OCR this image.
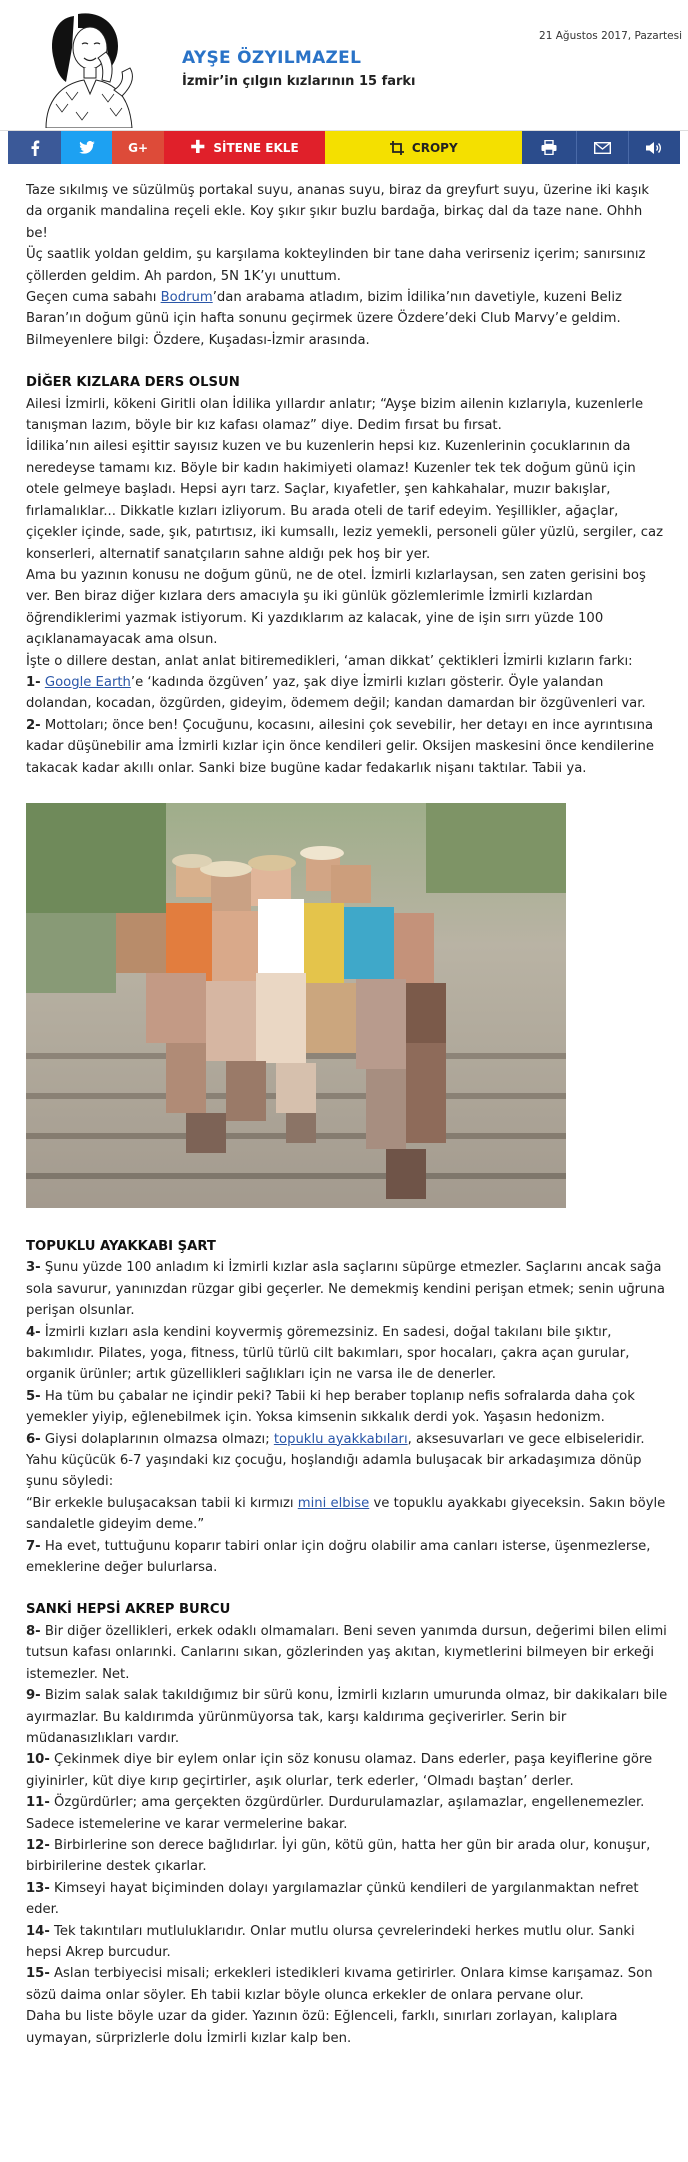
AYŞE ÖZYILMAZEL
İzmir’in çılgın kızlarının 15 farkı
21 Ağustos 2017, Pazartesi
G+ ✚ SİTENE EKLE	CROPY

Taze sıkılmış ve süzülmüş portakal suyu, ananas suyu, biraz da greyfurt suyu, üzerine iki kaşık da organik mandalina reçeli ekle. Koy şıkır şıkır buzlu bardağa, birkaç dal da taze nane. Ohhh be!

Üç saatlik yoldan geldim, şu karşılama kokteylinden bir tane daha verirseniz içerim; sanırsınız çöllerden geldim. Ah pardon, 5N 1K’yı unuttum.

Geçen cuma sabahı Bodrum’dan arabama atladım, bizim İdilika’nın davetiyle, kuzeni Beliz Baran’ın doğum günü için hafta sonunu geçirmek üzere Özdere’deki Club Marvy’e geldim. Bilmeyenlere bilgi: Özdere, Kuşadası-İzmir arasında.

DİĞER KIZLARA DERS OLSUN

Ailesi İzmirli, kökeni Giritli olan İdilika yıllardır anlatır; “Ayşe bizim ailenin kızlarıyla, kuzenlerle tanışman lazım, böyle bir kız kafası olamaz” diye. Dedim fırsat bu fırsat.

İdilika’nın ailesi eşittir sayısız kuzen ve bu kuzenlerin hepsi kız. Kuzenlerinin çocuklarının da neredeyse tamamı kız. Böyle bir kadın hakimiyeti olamaz! Kuzenler tek tek doğum günü için otele gelmeye başladı. Hepsi ayrı tarz. Saçlar, kıyafetler, şen kahkahalar, muzır bakışlar, fırlamalıklar... Dikkatle kızları izliyorum. Bu arada oteli de tarif edeyim. Yeşillikler, ağaçlar, çiçekler içinde, sade, şık, patırtısız, iki kumsallı, leziz yemekli, personeli güler yüzlü, sergiler, caz konserleri, alternatif sanatçıların sahne aldığı pek hoş bir yer.

Ama bu yazının konusu ne doğum günü, ne de otel. İzmirli kızlarlaysan, sen zaten gerisini boş ver. Ben biraz diğer kızlara ders amacıyla şu iki günlük gözlemlerimle İzmirli kızlardan öğrendiklerimi yazmak istiyorum. Ki yazdıklarım az kalacak, yine de işin sırrı yüzde 100 açıklanamayacak ama olsun.

İşte o dillere destan, anlat anlat bitiremedikleri, ‘aman dikkat’ çektikleri İzmirli kızların farkı:

1- Google Earth’e ‘kadında özgüven’ yaz, şak diye İzmirli kızları gösterir. Öyle yalandan dolandan, kocadan, özgürden, gideyim, ödemem değil; kandan damardan bir özgüvenleri var.

2- Mottoları; önce ben! Çocuğunu, kocasını, ailesini çok sevebilir, her detayı en ince ayrıntısına kadar düşünebilir ama İzmirli kızlar için önce kendileri gelir. Oksijen maskesini önce kendilerine takacak kadar akıllı onlar. Sanki bize bugüne kadar fedakarlık nişanı taktılar. Tabii ya.

TOPUKLU AYAKKABI ŞART

3- Şunu yüzde 100 anladım ki İzmirli kızlar asla saçlarını süpürge etmezler. Saçlarını ancak sağa sola savurur, yanınızdan rüzgar gibi geçerler. Ne demekmiş kendini perişan etmek; senin uğruna perişan olsunlar.

4- İzmirli kızları asla kendini koyvermiş göremezsiniz. En sadesi, doğal takılanı bile şıktır, bakımlıdır. Pilates, yoga, fitness, türlü türlü cilt bakımları, spor hocaları, çakra açan gurular, organik ürünler; artık güzellikleri sağlıkları için ne varsa ile de denerler.

5- Ha tüm bu çabalar ne içindir peki? Tabii ki hep beraber toplanıp nefis sofralarda daha çok yemekler yiyip, eğlenebilmek için. Yoksa kimsenin sıkkalık derdi yok. Yaşasın hedonizm.

6- Giysi dolaplarının olmazsa olmazı; topuklu ayakkabıları, aksesuvarları ve gece elbiseleridir.

Yahu küçücük 6-7 yaşındaki kız çocuğu, hoşlandığı adamla buluşacak bir arkadaşımıza dönüp şunu söyledi:

“Bir erkekle buluşacaksan tabii ki kırmızı mini elbise ve topuklu ayakkabı giyeceksin. Sakın böyle sandaletle gideyim deme.”

7- Ha evet, tuttuğunu koparır tabiri onlar için doğru olabilir ama canları isterse, üşenmezlerse, emeklerine değer bulurlarsa.

SANKİ HEPSİ AKREP BURCU

8- Bir diğer özellikleri, erkek odaklı olmamaları. Beni seven yanımda dursun, değerimi bilen elimi tutsun kafası onlarınki. Canlarını sıkan, gözlerinden yaş akıtan, kıymetlerini bilmeyen bir erkeği istemezler. Net.

9- Bizim salak salak takıldığımız bir sürü konu, İzmirli kızların umurunda olmaz, bir dakikaları bile ayırmazlar. Bu kaldırımda yürünmüyorsa tak, karşı kaldırıma geçiverirler. Serin bir müdanasızlıkları vardır.

10- Çekinmek diye bir eylem onlar için söz konusu olamaz. Dans ederler, paşa keyiflerine göre giyinirler, küt diye kırıp geçirtirler, aşık olurlar, terk ederler, ‘Olmadı baştan’ derler.

11- Özgürdürler; ama gerçekten özgürdürler. Durdurulamazlar, aşılamazlar, engellenemezler. Sadece istemelerine ve karar vermelerine bakar.

12- Birbirlerine son derece bağlıdırlar. İyi gün, kötü gün, hatta her gün bir arada olur, konuşur, birbirilerine destek çıkarlar.

13- Kimseyi hayat biçiminden dolayı yargılamazlar çünkü kendileri de yargılanmaktan nefret eder.

14- Tek takıntıları mutluluklarıdır. Onlar mutlu olursa çevrelerindeki herkes mutlu olur. Sanki hepsi Akrep burcudur.

15- Aslan terbiyecisi misali; erkekleri istedikleri kıvama getirirler. Onlara kimse karışamaz. Son sözü daima onlar söyler. Eh tabii kızlar böyle olunca erkekler de onlara pervane olur.

Daha bu liste böyle uzar da gider. Yazının özü: Eğlenceli, farklı, sınırları zorlayan, kalıplara uymayan, sürprizlerle dolu İzmirli kızlar kalp ben.
